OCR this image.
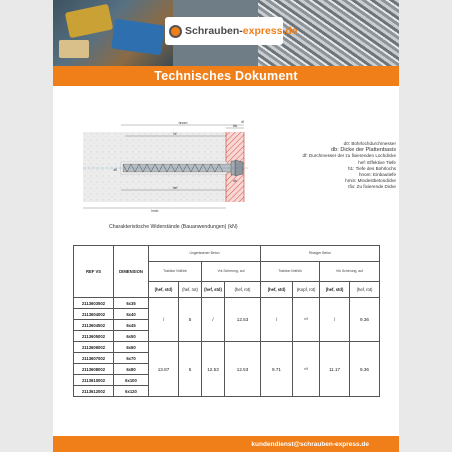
Schrauben-express.de
Technisches Dokument
hnom
hf
tfix
hef
hmin
d0
df
db
d0: Bohrlochdurchmesser
db: Dicke der Plattenbasis
df: Durchmesser der zu fixierenden Lochdicke
hef: Effektive Tiefe
h1: Tiefe des Bohrlochs
hnom: Einbautiefe
hmin: Mindestbetondicke
tfix: Zu fixierende Dicke
Charakteristische Widerstände (Bauanwendungen) (kN)
REF VS	DIMENSION	Ungerissener Beton				Rissiger Beton			
		Traktion NrkNrk		Vrk Scherung, auf		Traktion NrkNrk		Vrk Scherung, auf	
		(hef, std)	(hef, rot)	(hef, std)	(hef, rot)	(hef, std)	(Kopf, rot)	(hef, std)	(hef, rot)
2113603502	6x35	/	5	/	12.53	/	n/f	/	9.36
2113604002	6x40								
2113604502	6x45								
2113605002	6x50								
2113606002	6x60	13.87	5	12.53	12.53	9.71	n/f	11.17	9.36
2113607002	6x70								
2113608002	6x80								
2113610002	6x100								
2113612002	6x120								
kundendienst@schrauben-express.de
